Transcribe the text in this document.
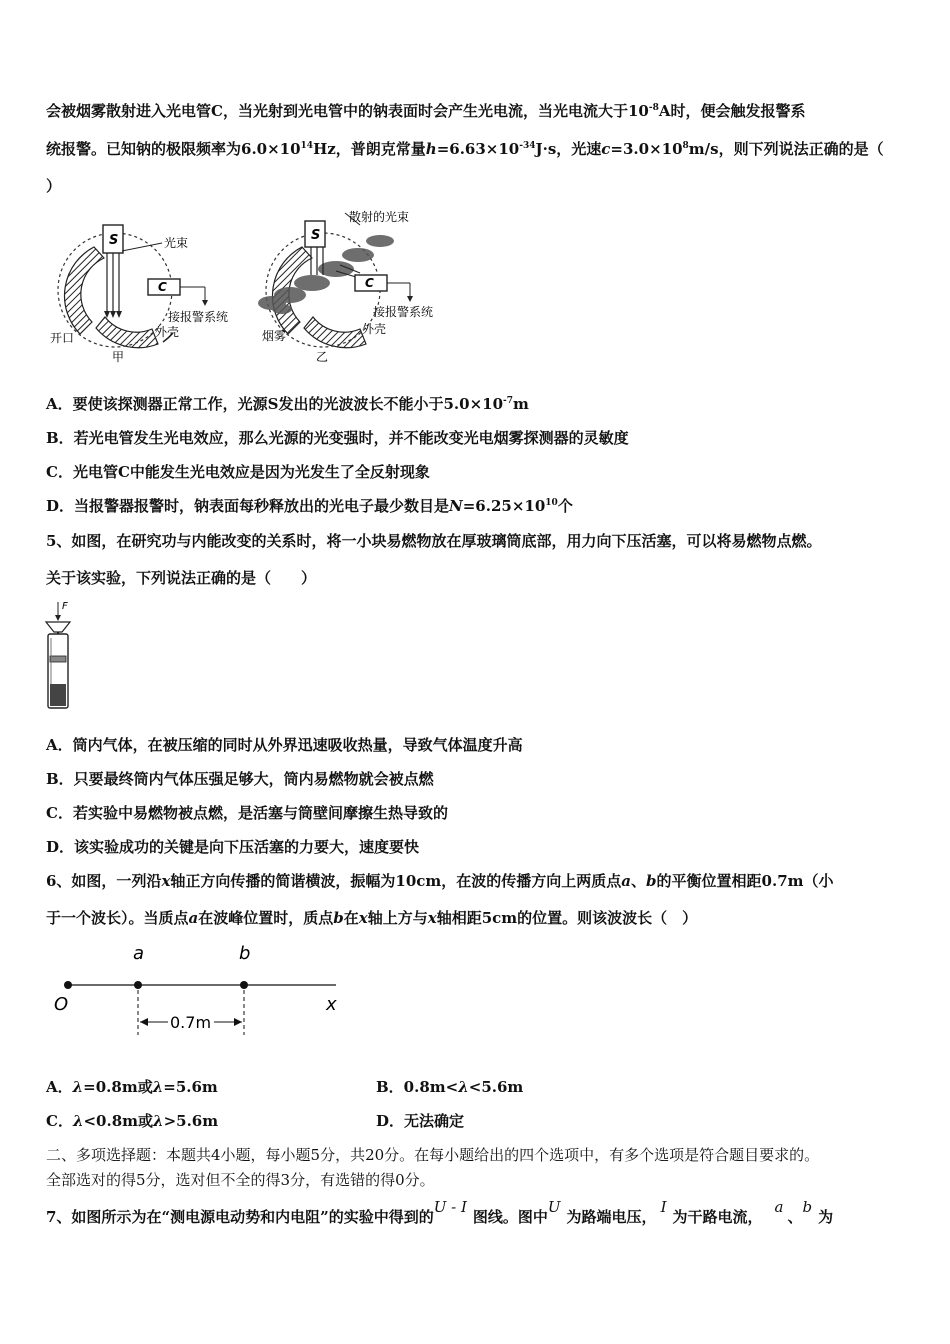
会被烟雾散射进入光电管C，当光射到光电管中的钠表面时会产生光电流，当光电流大于$10^{-8}A$时，便会触发报警系
统报警。已知钠的极限频率为$6.0\times 10^{14}Hz$，普朗克常量$h=6.63\times 10^{-34}J\cdot s$，光速$c=3.0\times 10^8m/s$，则下列说法正确的是（
）
S	光束
C
接报警系统
外壳
开口
甲
S
散射的光束
C
接报警系统
外壳
烟雾
乙
A．要使该探测器正常工作，光源S发出的光波波长不能小于$5.0\times 10^{-7}m$
B．若光电管发生光电效应，那么光源的光变强时，并不能改变光电烟雾探测器的灵敏度
C．光电管C中能发生光电效应是因为光发生了全反射现象
D．当报警器报警时，钠表面每秒释放出的光电子最少数目是$N=6.25\times 10^{10}$个
5、如图，在研究功与内能改变的关系时，将一小块易燃物放在厚玻璃筒底部，用力向下压活塞，可以将易燃物点燃。
关于该实验，下列说法正确的是（　　）
F
A．筒内气体，在被压缩的同时从外界迅速吸收热量，导致气体温度升高
B．只要最终筒内气体压强足够大，筒内易燃物就会被点燃
C．若实验中易燃物被点燃，是活塞与筒壁间摩擦生热导致的
D．该实验成功的关键是向下压活塞的力要大，速度要快
6、如图，一列沿x轴正方向传播的简谐横波，振幅为10cm，在波的传播方向上两质点a、b的平衡位置相距0.7m（小
于一个波长）。当质点a在波峰位置时，质点b在x轴上方与x轴相距5cm的位置。则该波波长（　）
O
a	b
x
0.7m
A．λ=0.8m或λ=5.6m	B．0.8m<λ<5.6m
C．λ<0.8m或λ>5.6m	D．无法确定
二、多项选择题：本题共4小题，每小题5分，共20分。在每小题给出的四个选项中，有多个选项是符合题目要求的。
全部选对的得5分，选对但不全的得3分，有选错的得0分。
7、如图所示为在“测电源电动势和内电阻”的实验中得到的U - I图线。图中U为路端电压，I为干路电流，a、b为
